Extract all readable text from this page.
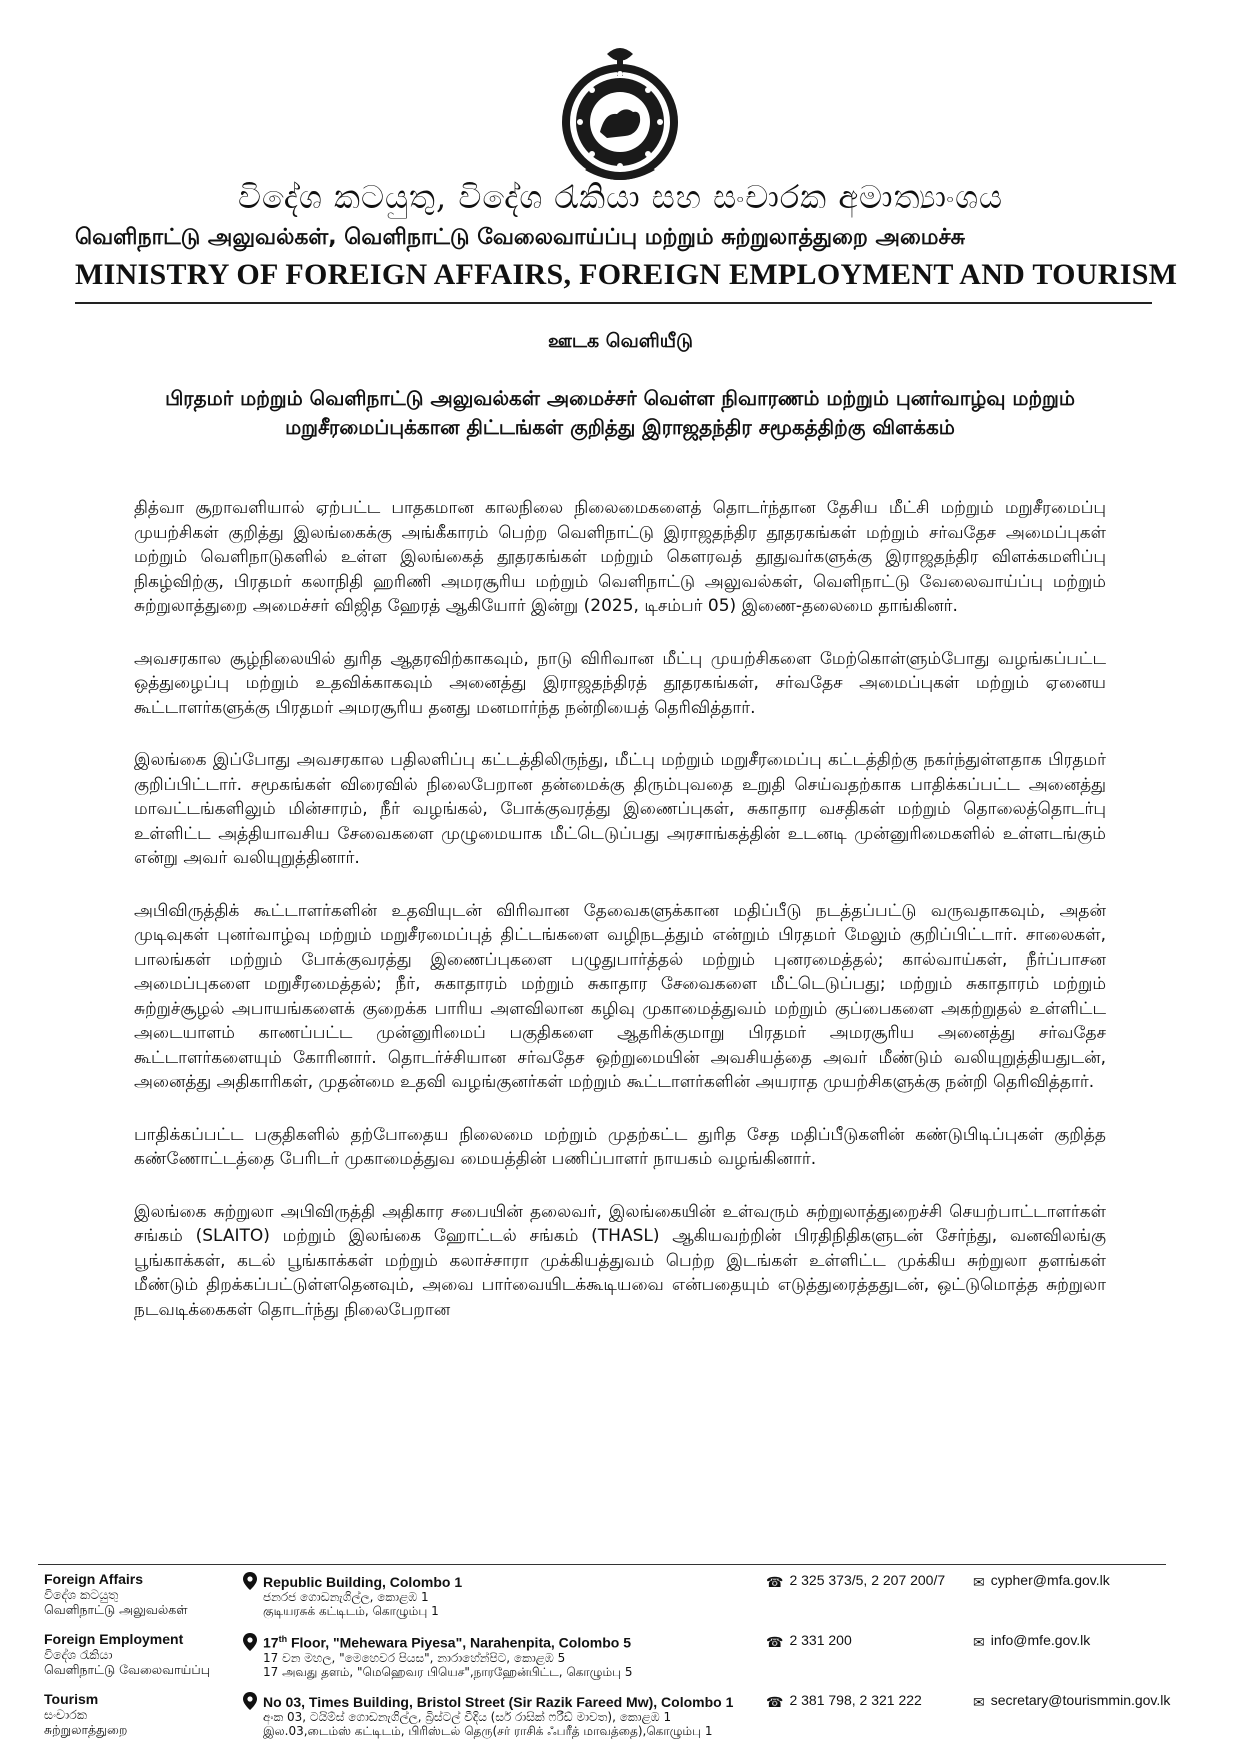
විදේශ කටයුතු, විදේශ රැකියා සහ සංචාරක අමාත්‍යාංශය
வெளிநாட்டு அலுவல்கள், வெளிநாட்டு வேலைவாய்ப்பு மற்றும் சுற்றுலாத்துறை அமைச்சு
MINISTRY OF FOREIGN AFFAIRS, FOREIGN EMPLOYMENT AND TOURISM
ஊடக வெளியீடு
பிரதமர் மற்றும் வெளிநாட்டு அலுவல்கள் அமைச்சர் வெள்ள நிவாரணம் மற்றும் புனர்வாழ்வு மற்றும் மறுசீரமைப்புக்கான திட்டங்கள் குறித்து இராஜதந்திர சமூகத்திற்கு விளக்கம்

தித்வா சூறாவளியால் ஏற்பட்ட பாதகமான காலநிலை நிலைமைகளைத் தொடர்ந்தான தேசிய மீட்சி மற்றும் மறுசீரமைப்பு முயற்சிகள் குறித்து இலங்கைக்கு அங்கீகாரம் பெற்ற வெளிநாட்டு இராஜதந்திர தூதரகங்கள் மற்றும் சர்வதேச அமைப்புகள் மற்றும் வெளிநாடுகளில் உள்ள இலங்கைத் தூதரகங்கள் மற்றும் கௌரவத் தூதுவர்களுக்கு இராஜதந்திர விளக்கமளிப்பு நிகழ்விற்கு, பிரதமர் கலாநிதி ஹரிணி அமரசூரிய மற்றும் வெளிநாட்டு அலுவல்கள், வெளிநாட்டு வேலைவாய்ப்பு மற்றும் சுற்றுலாத்துறை அமைச்சர் விஜித ஹேரத் ஆகியோர் இன்று (2025, டிசம்பர் 05) இணை-தலைமை தாங்கினர்.

அவசரகால சூழ்நிலையில் துரித ஆதரவிற்காகவும், நாடு விரிவான மீட்பு முயற்சிகளை மேற்கொள்ளும்போது வழங்கப்பட்ட ஒத்துழைப்பு மற்றும் உதவிக்காகவும் அனைத்து இராஜதந்திரத் தூதரகங்கள், சர்வதேச அமைப்புகள் மற்றும் ஏனைய கூட்டாளர்களுக்கு பிரதமர் அமரசூரிய தனது மனமார்ந்த நன்றியைத் தெரிவித்தார்.

இலங்கை இப்போது அவசரகால பதிலளிப்பு கட்டத்திலிருந்து, மீட்பு மற்றும் மறுசீரமைப்பு கட்டத்திற்கு நகர்ந்துள்ளதாக பிரதமர் குறிப்பிட்டார். சமூகங்கள் விரைவில் நிலைபேறான தன்மைக்கு திரும்புவதை உறுதி செய்வதற்காக பாதிக்கப்பட்ட அனைத்து மாவட்டங்களிலும் மின்சாரம், நீர் வழங்கல், போக்குவரத்து இணைப்புகள், சுகாதார வசதிகள் மற்றும் தொலைத்தொடர்பு உள்ளிட்ட அத்தியாவசிய சேவைகளை முழுமையாக மீட்டெடுப்பது அரசாங்கத்தின் உடனடி முன்னுரிமைகளில் உள்ளடங்கும் என்று அவர் வலியுறுத்தினார்.

அபிவிருத்திக் கூட்டாளர்களின் உதவியுடன் விரிவான தேவைகளுக்கான மதிப்பீடு நடத்தப்பட்டு வருவதாகவும், அதன் முடிவுகள் புனர்வாழ்வு மற்றும் மறுசீரமைப்புத் திட்டங்களை வழிநடத்தும் என்றும் பிரதமர் மேலும் குறிப்பிட்டார். சாலைகள், பாலங்கள் மற்றும் போக்குவரத்து இணைப்புகளை பழுதுபார்த்தல் மற்றும் புனரமைத்தல்; கால்வாய்கள், நீர்ப்பாசன அமைப்புகளை மறுசீரமைத்தல்; நீர், சுகாதாரம் மற்றும் சுகாதார சேவைகளை மீட்டெடுப்பது; மற்றும் சுகாதாரம் மற்றும் சுற்றுச்சூழல் அபாயங்களைக் குறைக்க பாரிய அளவிலான கழிவு முகாமைத்துவம் மற்றும் குப்பைகளை அகற்றுதல் உள்ளிட்ட அடையாளம் காணப்பட்ட முன்னுரிமைப் பகுதிகளை ஆதரிக்குமாறு பிரதமர் அமரசூரிய அனைத்து சர்வதேச கூட்டாளர்களையும் கோரினார். தொடர்ச்சியான சர்வதேச ஒற்றுமையின் அவசியத்தை அவர் மீண்டும் வலியுறுத்தியதுடன், அனைத்து அதிகாரிகள், முதன்மை உதவி வழங்குனர்கள் மற்றும் கூட்டாளர்களின் அயராத முயற்சிகளுக்கு நன்றி தெரிவித்தார்.

பாதிக்கப்பட்ட பகுதிகளில் தற்போதைய நிலைமை மற்றும் முதற்கட்ட துரித சேத மதிப்பீடுகளின் கண்டுபிடிப்புகள் குறித்த கண்ணோட்டத்தை பேரிடர் முகாமைத்துவ மையத்தின் பணிப்பாளர் நாயகம் வழங்கினார்.

இலங்கை சுற்றுலா அபிவிருத்தி அதிகார சபையின் தலைவர், இலங்கையின் உள்வரும் சுற்றுலாத்துறைச்சி செயற்பாட்டாளர்கள் சங்கம் (SLAITO) மற்றும் இலங்கை ஹோட்டல் சங்கம் (THASL) ஆகியவற்றின் பிரதிநிதிகளுடன் சேர்ந்து, வனவிலங்கு பூங்காக்கள், கடல் பூங்காக்கள் மற்றும் கலாச்சாரா முக்கியத்துவம் பெற்ற இடங்கள் உள்ளிட்ட முக்கிய சுற்றுலா தளங்கள் மீண்டும் திறக்கப்பட்டுள்ளதெனவும், அவை பார்வையிடக்கூடியவை என்பதையும் எடுத்துரைத்ததுடன், ஒட்டுமொத்த சுற்றுலா நடவடிக்கைகள் தொடர்ந்து நிலைபேறான

Foreign Affairs
විදේශ කටයුතු
வெளிநாட்டு அலுவல்கள்
Republic Building, Colombo 1
ජනරජ ගොඩනැගිල්ල, කොළඹ 1
குடியரசுக் கட்டிடம், கொழும்பு 1
☎ 2 325 373/5, 2 207 200/7 ✉ cypher@mfa.gov.lk
Foreign Employment
විදේශ රැකියා
வெளிநாட்டு வேலைவாய்ப்பு
17th Floor, "Mehewara Piyesa", Narahenpita, Colombo 5
17 වන මහල, "මෙහෙවර පියස", නාරාහේන්පිට, කොළඹ 5
17 அவது தளம், "மெஹெவர பியெச",நாரஹேன்பிட்ட, கொழும்பு 5
☎ 2 331 200	✉ info@mfe.gov.lk
Tourism
සංචාරක
சுற்றுலாத்துறை
No 03, Times Building, Bristol Street (Sir Razik Fareed Mw), Colombo 1
අංක 03, ටයිම්ස් ගොඩනැගිල්ල, බ්‍රිස්ටල් වීදිය (සර් රාසික් ෆරීඩ් මාවත), කොළඹ 1
இல.03,டைம்ஸ் கட்டிடம், பிரிஸ்டல் தெரு(சர் ராசிக் ஃபரீத் மாவத்தை),கொழும்பு 1
☎ 2 381 798, 2 321 222	✉ secretary@tourismmin.gov.lk
